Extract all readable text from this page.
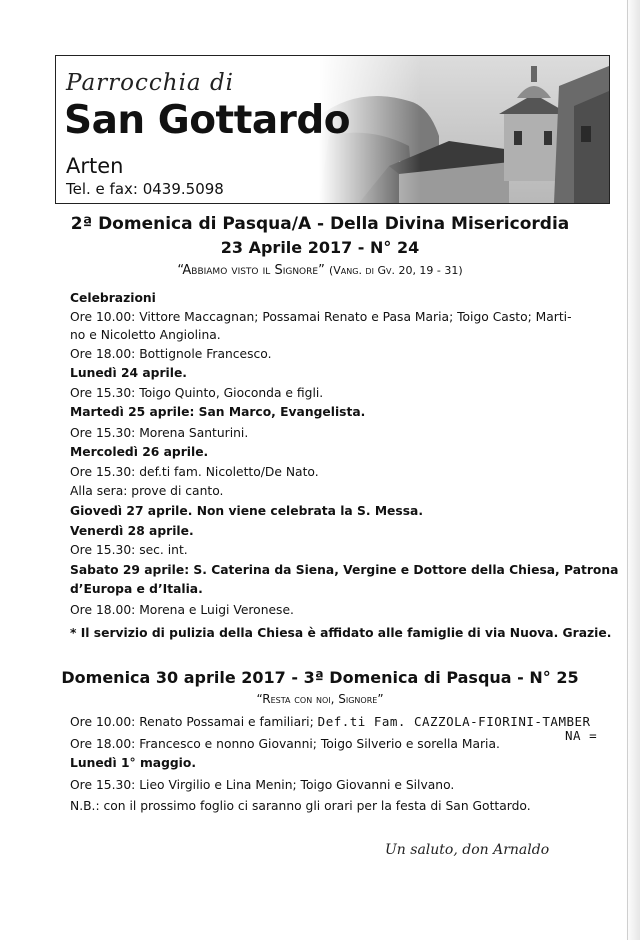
Parrocchia di
San Gottardo
Arten
Tel. e fax: 0439.5098
2ª Domenica di Pasqua/A - Della Divina Misericordia
23 Aprile 2017 - N° 24
“Abbiamo visto il Signore” (Vang. di Gv. 20, 19 - 31)
Celebrazioni
Ore 10.00: Vittore Maccagnan; Possamai Renato e Pasa Maria; Toigo Casto; Marti-
no e Nicoletto Angiolina.
Ore 18.00: Bottignole Francesco.
Lunedì 24 aprile.
Ore 15.30: Toigo Quinto, Gioconda e figli.
Martedì 25 aprile: San Marco, Evangelista.
Ore 15.30: Morena Santurini.
Mercoledì 26 aprile.
Ore 15.30: def.ti fam. Nicoletto/De Nato.
Alla sera: prove di canto.
Giovedì 27 aprile. Non viene celebrata la S. Messa.
Venerdì 28 aprile.
Ore 15.30: sec. int.
Sabato 29 aprile: S. Caterina da Siena, Vergine e Dottore della Chiesa, Patrona
d’Europa e d’Italia.
Ore 18.00: Morena e Luigi Veronese.
* Il servizio di pulizia della Chiesa è affidato alle famiglie di via Nuova. Grazie.
Domenica 30 aprile 2017 - 3ª Domenica di Pasqua - N° 25
“Resta con noi, Signore”
Ore 10.00: Renato Possamai e familiari; Def.ti Fam. CAZZOLA-FIORINI-TAMBER
NA =
Ore 18.00: Francesco e nonno Giovanni; Toigo Silverio e sorella Maria.
Lunedì 1° maggio.
Ore 15.30: Lieo Virgilio e Lina Menin; Toigo Giovanni e Silvano.
N.B.: con il prossimo foglio ci saranno gli orari per la festa di San Gottardo.
Un saluto, don Arnaldo
